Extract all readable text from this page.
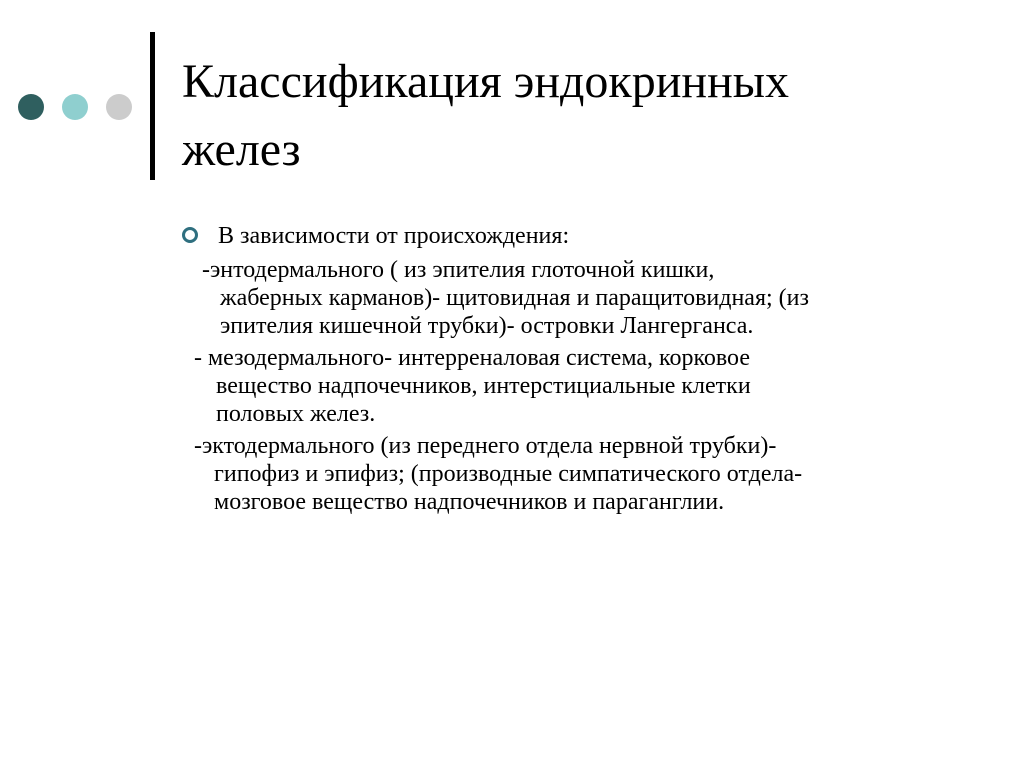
Классификация эндокринных
желез
В зависимости от происхождения:
-энтодермального ( из эпителия глоточной кишки,
жаберных карманов)- щитовидная и паращитовидная; (из
эпителия кишечной трубки)- островки Лангерганса.
- мезодермального- интерреналовая система, корковое
вещество надпочечников, интерстициальные клетки
половых желез.
-эктодермального (из переднего отдела нервной трубки)-
гипофиз и эпифиз; (производные симпатического отдела-
мозговое вещество надпочечников и параганглии.
